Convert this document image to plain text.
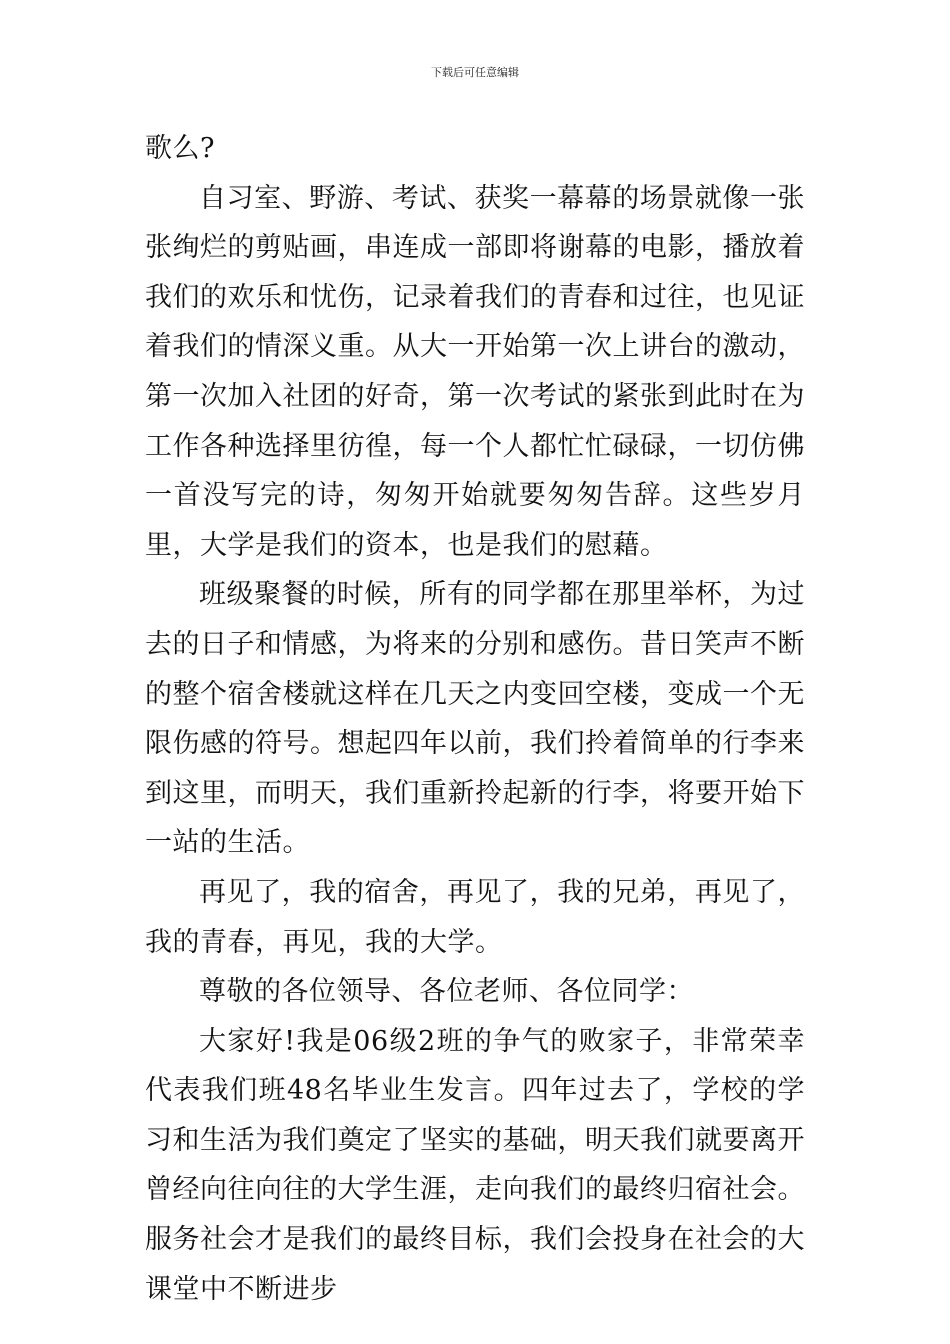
下载后可任意编辑

歌么?

自习室、野游、考试、获奖一幕幕的场景就像一张张绚烂的剪贴画，串连成一部即将谢幕的电影，播放着我们的欢乐和忧伤，记录着我们的青春和过往，也见证着我们的情深义重。从大一开始第一次上讲台的激动，第一次加入社团的好奇，第一次考试的紧张到此时在为工作各种选择里彷徨，每一个人都忙忙碌碌，一切仿佛一首没写完的诗，匆匆开始就要匆匆告辞。这些岁月里，大学是我们的资本，也是我们的慰藉。

班级聚餐的时候，所有的同学都在那里举杯，为过去的日子和情感，为将来的分别和感伤。昔日笑声不断的整个宿舍楼就这样在几天之内变回空楼，变成一个无限伤感的符号。想起四年以前，我们拎着简单的行李来到这里，而明天，我们重新拎起新的行李，将要开始下一站的生活。

再见了，我的宿舍，再见了，我的兄弟，再见了，我的青春，再见，我的大学。

尊敬的各位领导、各位老师、各位同学：

大家好!我是06级2班的争气的败家子，非常荣幸代表我们班48名毕业生发言。四年过去了，学校的学习和生活为我们奠定了坚实的基础，明天我们就要离开曾经向往向往的大学生涯，走向我们的最终归宿社会。服务社会才是我们的最终目标，我们会投身在社会的大课堂中不断进步
